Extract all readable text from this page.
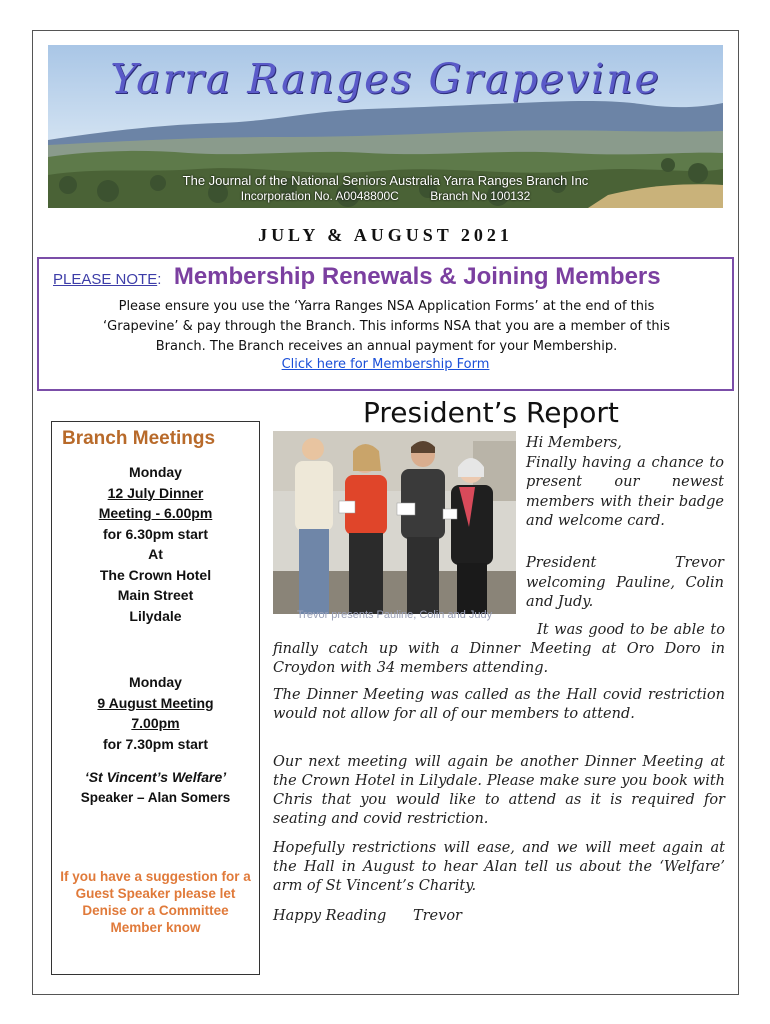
Yarra Ranges Grapevine
The Journal of the National Seniors Australia Yarra Ranges Branch Inc
Incorporation No. A0048800C	Branch No 100132
JULY & AUGUST 2021
PLEASE NOTE: Membership Renewals & Joining Members
Please ensure you use the ‘Yarra Ranges NSA Application Forms’ at the end of this
‘Grapevine’ & pay through the Branch. This informs NSA that you are a member of this
Branch. The Branch receives an annual payment for your Membership.
Click here for Membership Form
Branch Meetings
Monday
12 July Dinner
Meeting - 6.00pm
for 6.30pm start
At
The Crown Hotel
Main Street
Lilydale
Monday
9 August Meeting
7.00pm
for 7.30pm start
‘St Vincent’s Welfare’
Speaker – Alan Somers
If you have a suggestion for a Guest Speaker please let Denise or a Committee Member know
President’s Report
Trevor presents Pauline, Colin and Judy
Hi Members,
Finally having a chance to present our newest members with their badge and welcome card.
President Trevor welcoming Pauline, Colin and Judy.
It was good to be able to finally catch up with a Dinner Meeting at Oro Doro in Croydon with 34 members attending.
The Dinner Meeting was called as the Hall covid restriction would not allow for all of our members to attend.
Our next meeting will again be another Dinner Meeting at the Crown Hotel in Lilydale. Please make sure you book with Chris that you would like to attend as it is required for seating and covid restriction.
Hopefully restrictions will ease, and we will meet again at the Hall in August to hear Alan tell us about the ‘Welfare’ arm of St Vincent’s Charity.
Happy Reading Trevor
